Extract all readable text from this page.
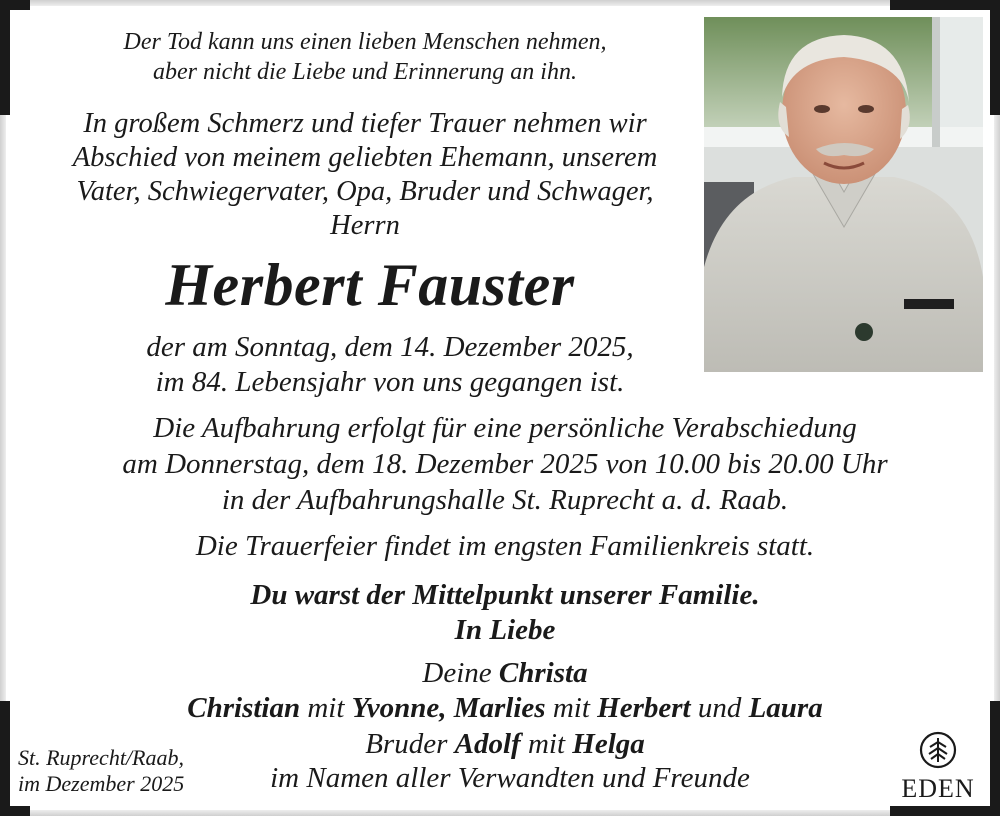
Der Tod kann uns einen lieben Menschen nehmen,
aber nicht die Liebe und Erinnerung an ihn.
In großem Schmerz und tiefer Trauer nehmen wir
Abschied von meinem geliebten Ehemann, unserem
Vater, Schwiegervater, Opa, Bruder und Schwager,
Herrn
Herbert Fauster
der am Sonntag, dem 14. Dezember 2025,
im 84. Lebensjahr von uns gegangen ist.
Die Aufbahrung erfolgt für eine persönliche Verabschiedung
am Donnerstag, dem 18. Dezember 2025 von 10.00 bis 20.00 Uhr
in der Aufbahrungshalle St. Ruprecht a. d. Raab.
Die Trauerfeier findet im engsten Familienkreis statt.
Du warst der Mittelpunkt unserer Familie.
In Liebe
Deine Christa
Christian mit Yvonne, Marlies mit Herbert und Laura
Bruder Adolf mit Helga
im Namen aller Verwandten und Freunde
St. Ruprecht/Raab,
im Dezember 2025	EDEN
